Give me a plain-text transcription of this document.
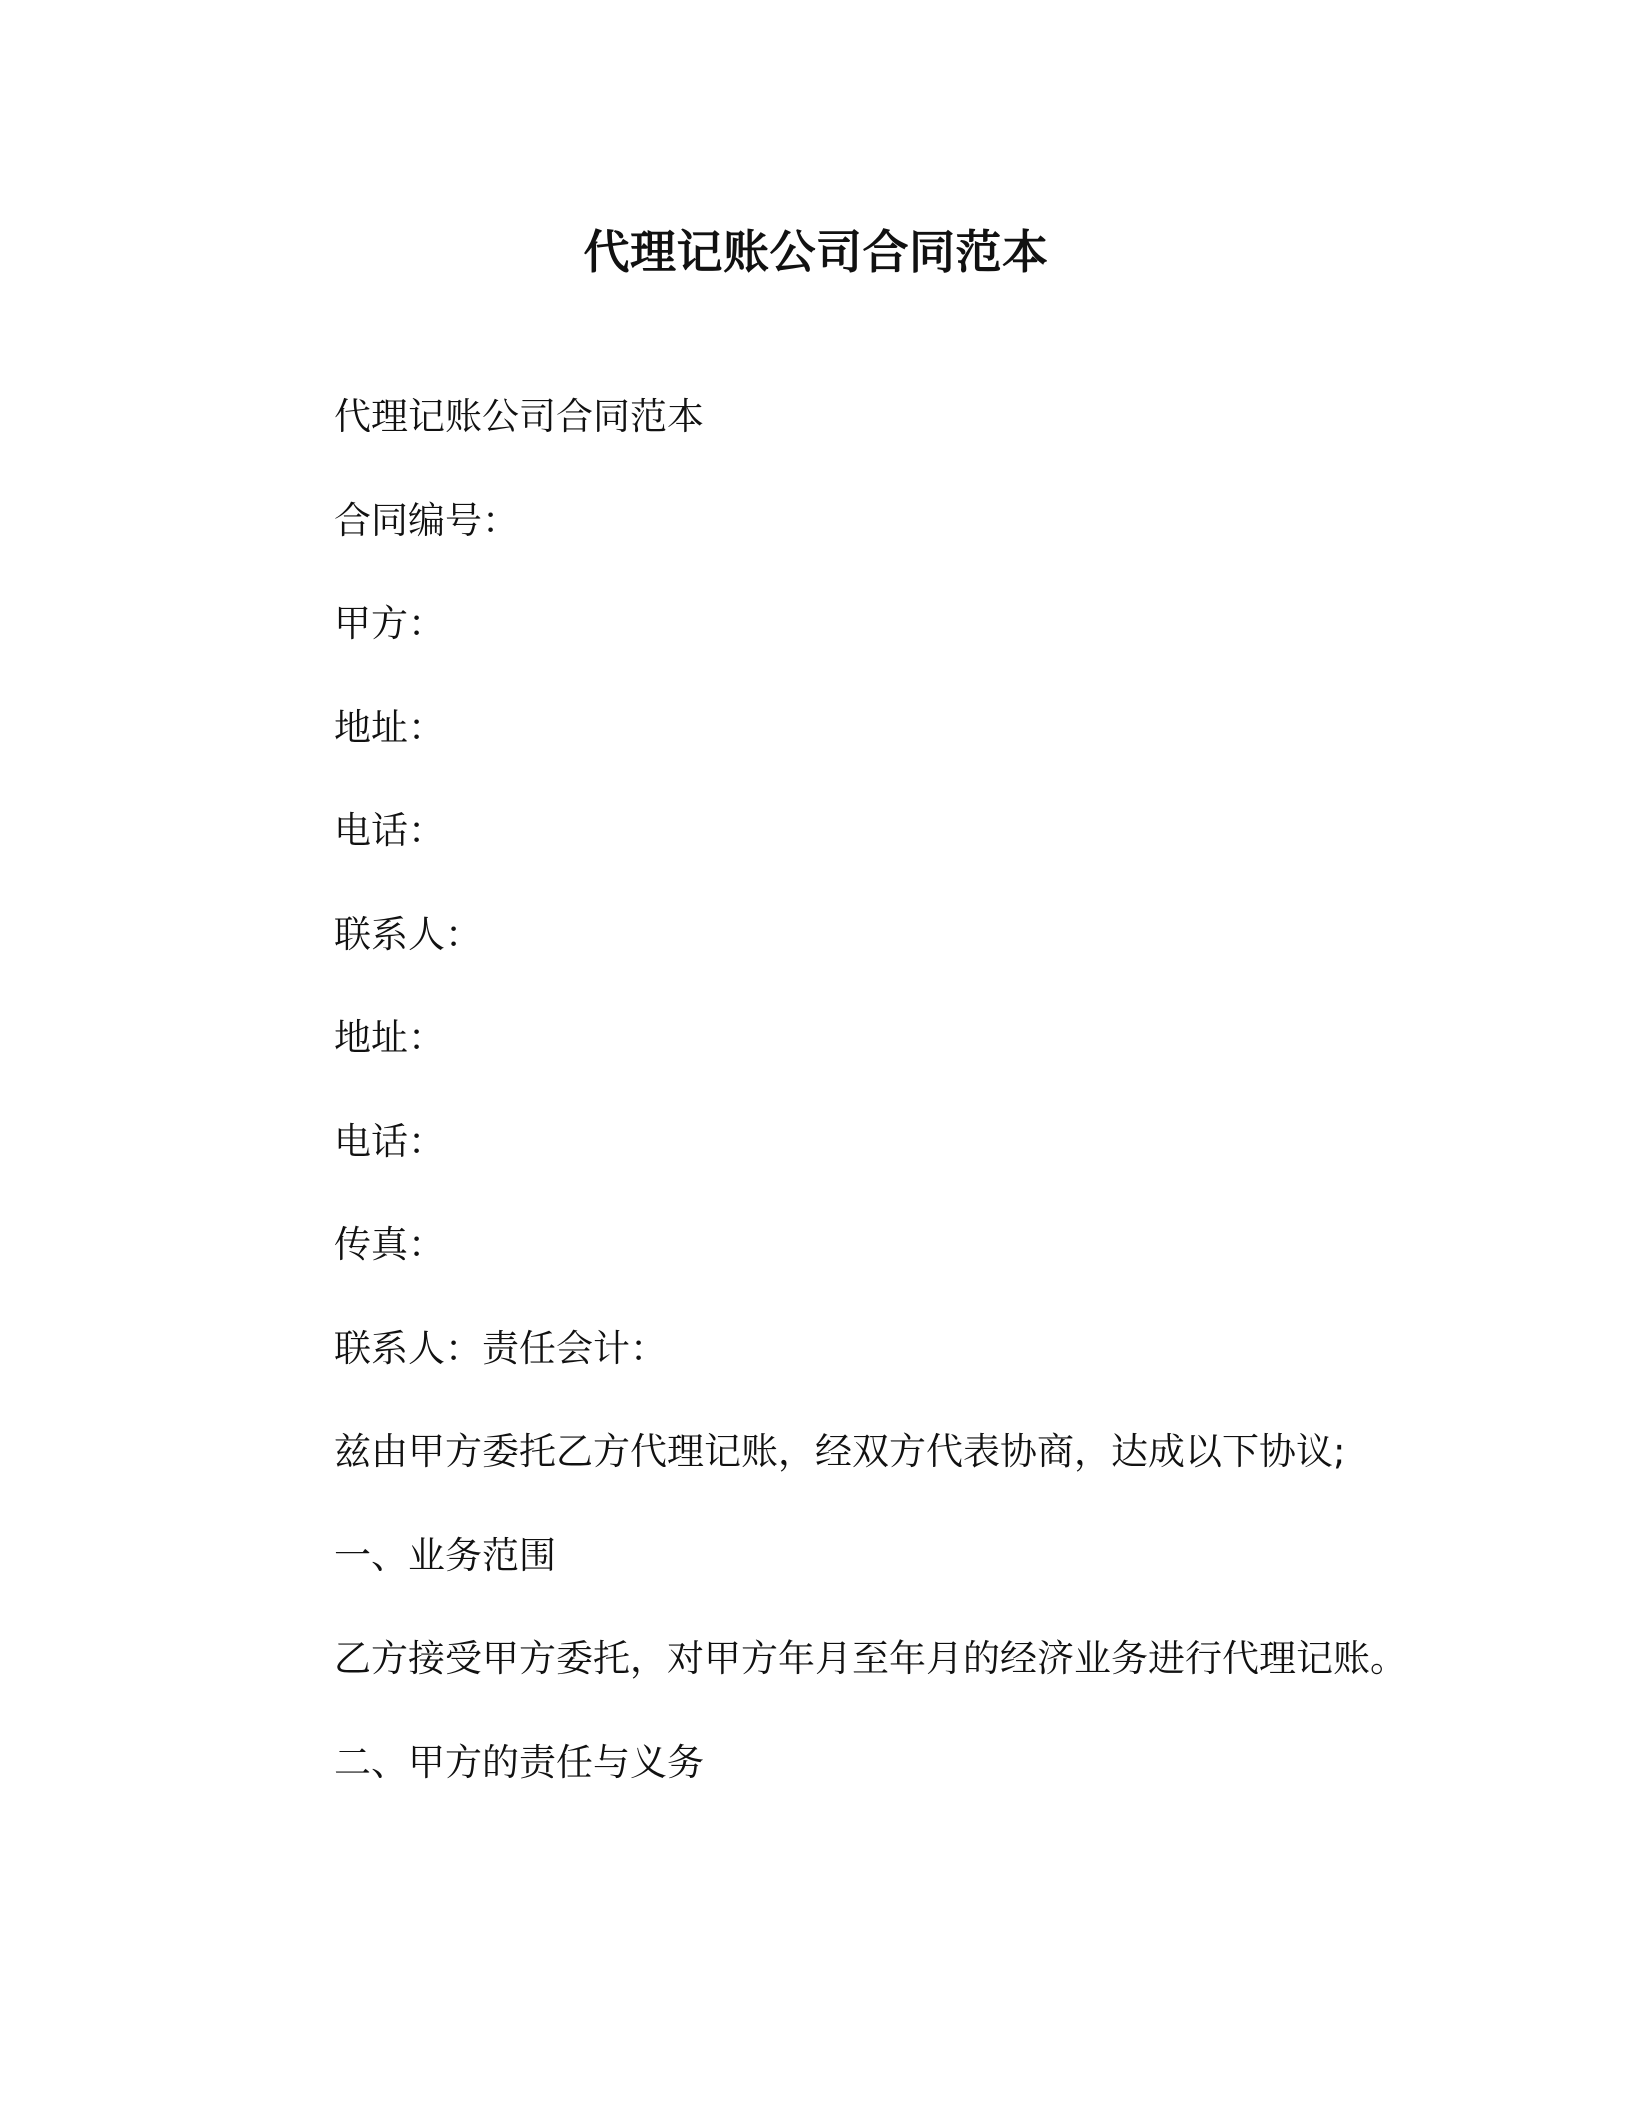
代理记账公司合同范本

代理记账公司合同范本

合同编号：

甲方：

地址：

电话：

联系人：

地址：

电话：

传真：

联系人：责任会计：

兹由甲方委托乙方代理记账，经双方代表协商，达成以下协议;

一、业务范围

乙方接受甲方委托，对甲方年月至年月的经济业务进行代理记账。

二、甲方的责任与义务
